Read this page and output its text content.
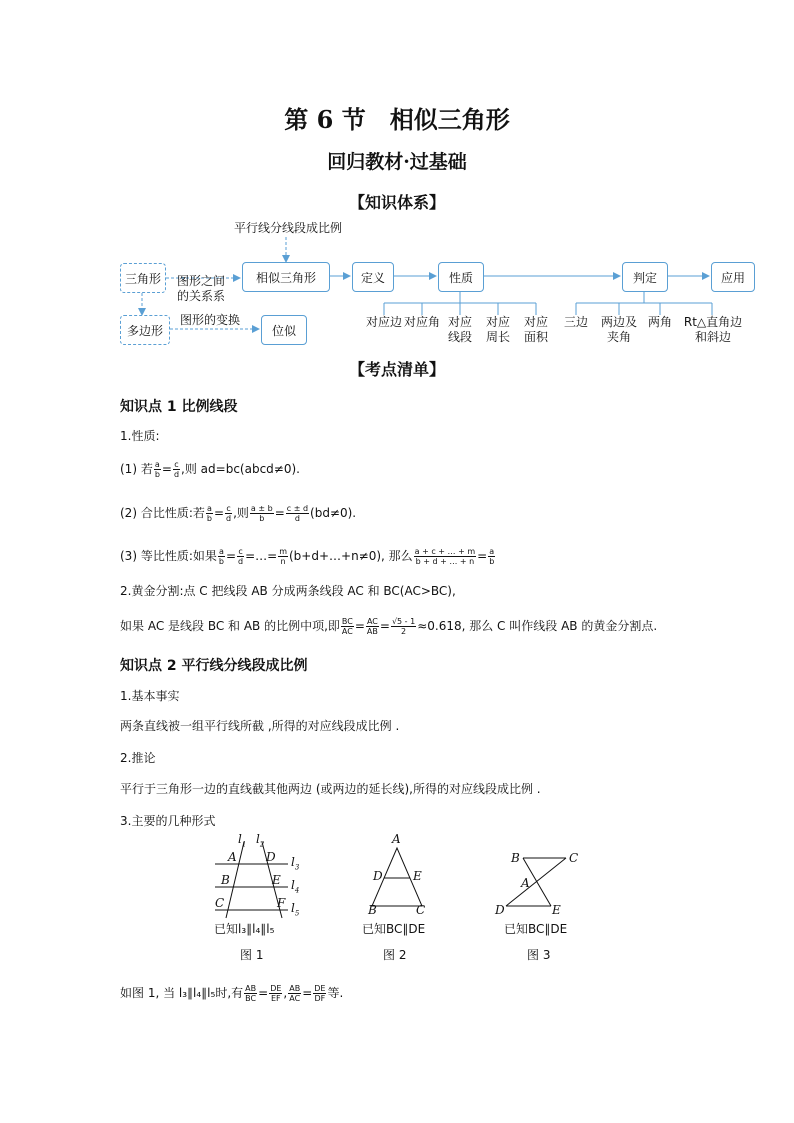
第 6 节　相似三角形
回归教材·过基础
【知识体系】
平行线分线段成比例
三角形
多边形

图形之间
的关系系

图形的变换
相似三角形
位似
定义	性质	判定	应用
对应边 对应角 对应
线段
对应
周长
对应
面积
三边	两边及
夹角
两角 Rt△直角边
和斜边
【考点清单】
知识点 1 比例线段
1.性质:
(1) 若 $\frac{a}{b} = \frac{c}{d}$ ,则 ad=bc(abcd≠0).
(2) 合比性质:若 $\frac{a}{b} = \frac{c}{d}$ ,则 $\frac{a \pm b}{b} = \frac{c \pm d}{d} (bd\ne 0)$.
(3) 等比性质:如果 $\frac{a}{b} = \frac{c}{d}$ =…= $\frac{m}{n}$ (b+d+…+n≠0), 那么 $\frac{a + c + \dots + m}{b + d + \dots + n} = \frac{a}{b}$
2.黄金分割:点 C 把线段 AB 分成两条线段 AC 和 BC(AC>BC),
如果 AC 是线段 BC 和 AB 的比例中项,即 $\frac{BC}{AC} = \frac{AC}{AB} = \frac{√5 - 1}{2} \approx 0.618$, 那么 C 叫作线段 AB 的黄金分割点.
知识点 2 平行线分线段成比例
1.基本事实
两条直线被一组平行线所截 ,所得的对应线段成比例 .
2.推论
平行于三角形一边的直线截其他两边 (或两边的延长线),所得的对应线段成比例 .
3.主要的几种形式
$l_1$ $l_2$
$l_3$
$l_4$
$l_5$
A
B
C
D
E
F
已知l₃∥l₄∥l₅
图 1
A
D	E
B	C
已知BC∥DE
图 2
B	C
A
D	E
已知BC∥DE
图 3
如图 1, 当 l₃∥l₄∥l₅时,有 $\frac{AB}{BC} = \frac{DE}{EF}$ , $\frac{AB}{AC} = \frac{DE}{DF}$ 等.
